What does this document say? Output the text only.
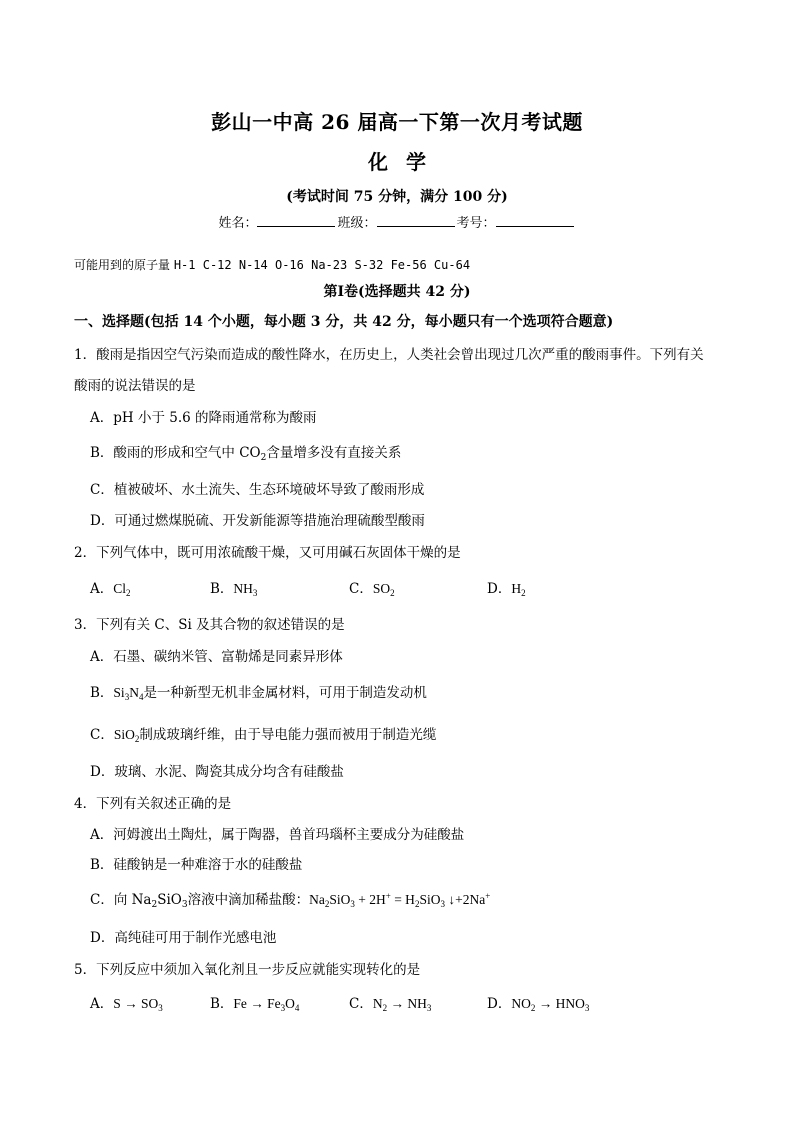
彭山一中高 26 届高一下第一次月考试题
化学
(考试时间 75 分钟，满分 100 分)
姓名：	班级：	考号：
可能用到的原子量 H-1 C-12 N-14 O-16 Na-23 S-32 Fe-56 Cu-64
第Ⅰ卷(选择题共 42 分)
一、选择题(包括 14 个小题，每小题 3 分，共 42 分，每小题只有一个选项符合题意)
1．酸雨是指因空气污染而造成的酸性降水，在历史上，人类社会曾出现过几次严重的酸雨事件。下列有关
酸雨的说法错误的是
A．pH 小于 5.6 的降雨通常称为酸雨
B．酸雨的形成和空气中 $CO_2$含量增多没有直接关系
C．植被破坏、水土流失、生态环境破坏导致了酸雨形成
D．可通过燃煤脱硫、开发新能源等措施治理硫酸型酸雨
2．下列气体中，既可用浓硫酸干燥，又可用碱石灰固体干燥的是
A．$Cl_2$	B．$NH_3$	C．$SO_2$	D．$H_2$
3．下列有关 C、Si 及其合物的叙述错误的是
A．石墨、碳纳米管、富勒烯是同素异形体
B．$Si_3N_4$是一种新型无机非金属材料，可用于制造发动机
C．SiO$_2$制成玻璃纤维，由于导电能力强而被用于制造光缆
D．玻璃、水泥、陶瓷其成分均含有硅酸盐
4．下列有关叙述正确的是
A．河姆渡出土陶灶，属于陶器，兽首玛瑙杯主要成分为硅酸盐
B．硅酸钠是一种难溶于水的硅酸盐
C．向 $Na_2SiO_3$溶液中滴加稀盐酸：$Na_2SiO_3 + 2H^+ = H_2SiO_3$ ↓+2Na+
D．高纯硅可用于制作光感电池
5．下列反应中须加入氧化剂且一步反应就能实现转化的是
A．$S \to SO_3$	B．$Fe \to Fe_3O_4$	C．$N_2 \to NH_3$	D．$NO_2 \to HNO_3$
